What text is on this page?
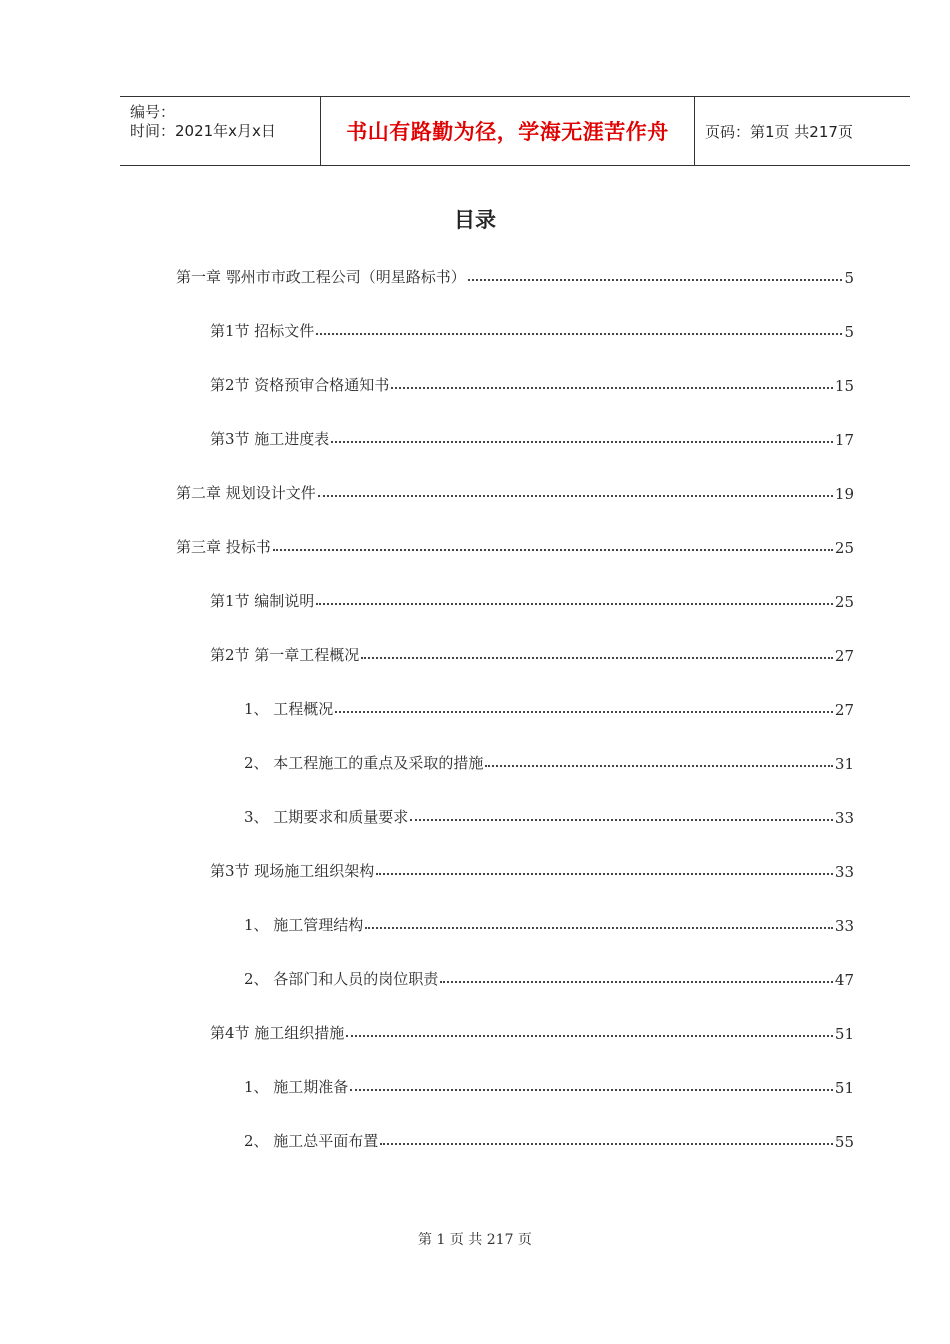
编号：
时间：2021年x月x日	书山有路勤为径，学海无涯苦作舟	页码：第1页 共217页
目录
第一章 鄂州市市政工程公司（明星路标书）	5
第1节 招标文件	5
第2节 资格预审合格通知书	15
第3节 施工进度表	17
第二章 规划设计文件	19
第三章 投标书	25
第1节 编制说明	25
第2节 第一章工程概况	27
1、 工程概况	27
2、 本工程施工的重点及采取的措施	31
3、 工期要求和质量要求	33
第3节 现场施工组织架构	33
1、 施工管理结构	33
2、 各部门和人员的岗位职责	47
第4节 施工组织措施	51
1、 施工期准备	51
2、 施工总平面布置	55
第 1 页 共 217 页
